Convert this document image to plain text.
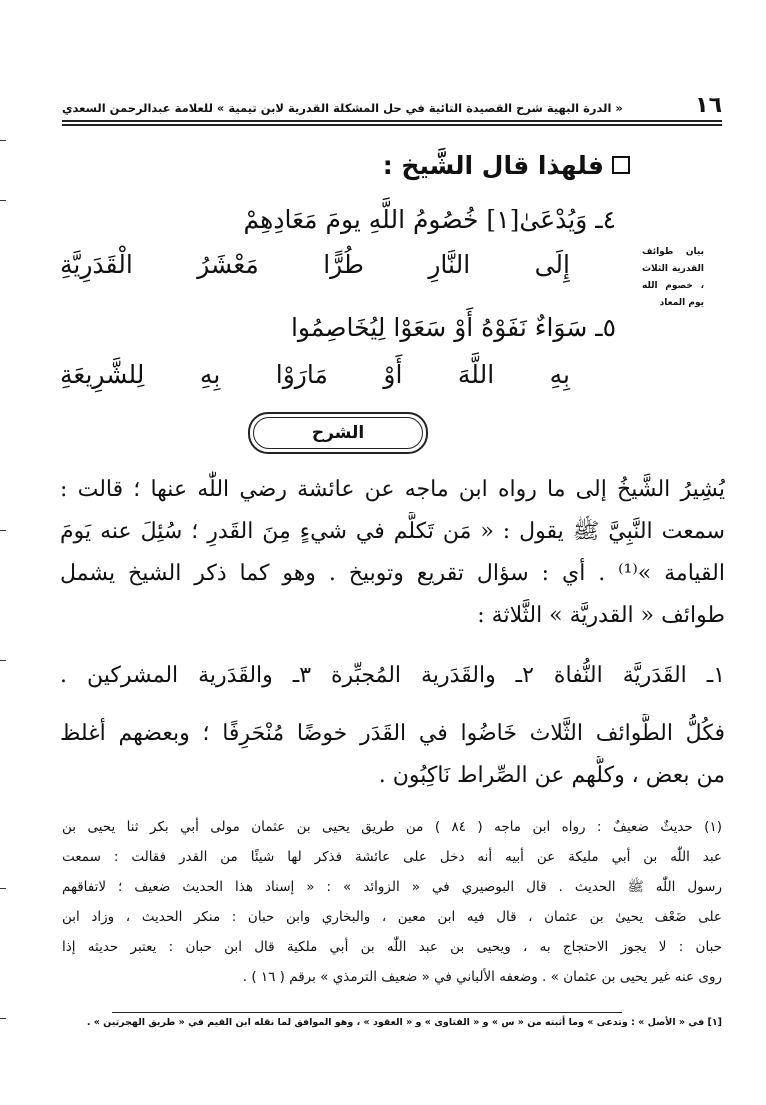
١٦
« الدرة البهية شرح القصيدة التائية في حل المشكلة القدرية لابن تيمية » للعلامة عبدالرحمن السعدي
فلهذا قال الشَّيخ :
بيان طوائف القدرية الثلاث ، خصوم الله يوم المعاد
٤ـ وَيُدْعَىٰ[١] خُصُومُ اللَّهِ يومَ مَعَادِهِمْ
إِلَى النَّارِ طُرًّا مَعْشَرُ الْقَدَرِيَّةِ
٥ـ سَوَاءٌ نَفَوْهُ أَوْ سَعَوْا لِيُخَاصِمُوا
بِهِ اللَّهَ أَوْ مَارَوْا بِهِ لِلشَّرِيعَةِ
الشرح
يُشِيرُ الشَّيخُ إلى ما رواه ابن ماجه عن عائشة رضي اللّٰه عنها ؛ قالت :
سمعت النَّبِيَّ ﷺ يقول : « مَن تَكلَّم في شيءٍ مِنَ القَدرِ ؛ سُئِلَ عنه يَومَ
القيامة »⁽¹⁾ . أي : سؤال تقريع وتوبيخ . وهو كما ذكر الشيخ يشمل
طوائف « القدريَّة » الثَّلاثة :
١ـ القَدَريَّة النُّفاة ٢ـ والقَدَرية المُجبِّرة ٣ـ والقَدَرية المشركين .
فكُلُّ الطَّوائف الثَّلاث خَاضُوا في القَدَر خوضًا مُنْحَرِفًا ؛ وبعضهم أغلظ
من بعض ، وكلُّهم عن الصِّراط نَاكِبُون .
(١) حديثٌ ضعيفٌ : رواه ابن ماجه ( ٨٤ ) من طريق يحيى بن عثمان مولى أبي بكر ثنا يحيى بن
عبد اللّٰه بن أبي مليكة عن أبيه أنه دخل على عائشة فذكر لها شيئًا من القدر فقالت : سمعت
رسول اللّٰه ﷺ الحديث . قال البوصيري في « الزوائد » : « إسناد هذا الحديث ضعيف ؛ لاتفاقهم
على ضَعْف يحيىٰ بن عثمان ، قال فيه ابن معين ، والبخاري وابن حبان : منكر الحديث ، وزاد ابن
حبان : لا يجوز الاحتجاج به ، ويحيى بن عبد اللّٰه بن أبي ملكية قال ابن حبان : يعتبر حديثه إذا
روى عنه غير يحيى بن عثمان » . وضعفه الألباني في « ضعيف الترمذي » برقم ( ١٦ ) .
[١] في « الأصل » : وتدعى » وما أثبته من « س » و « الفتاوى » و « العقود » ، وهو الموافق لما نقله ابن القيم في « طريق الهجرتين » .
